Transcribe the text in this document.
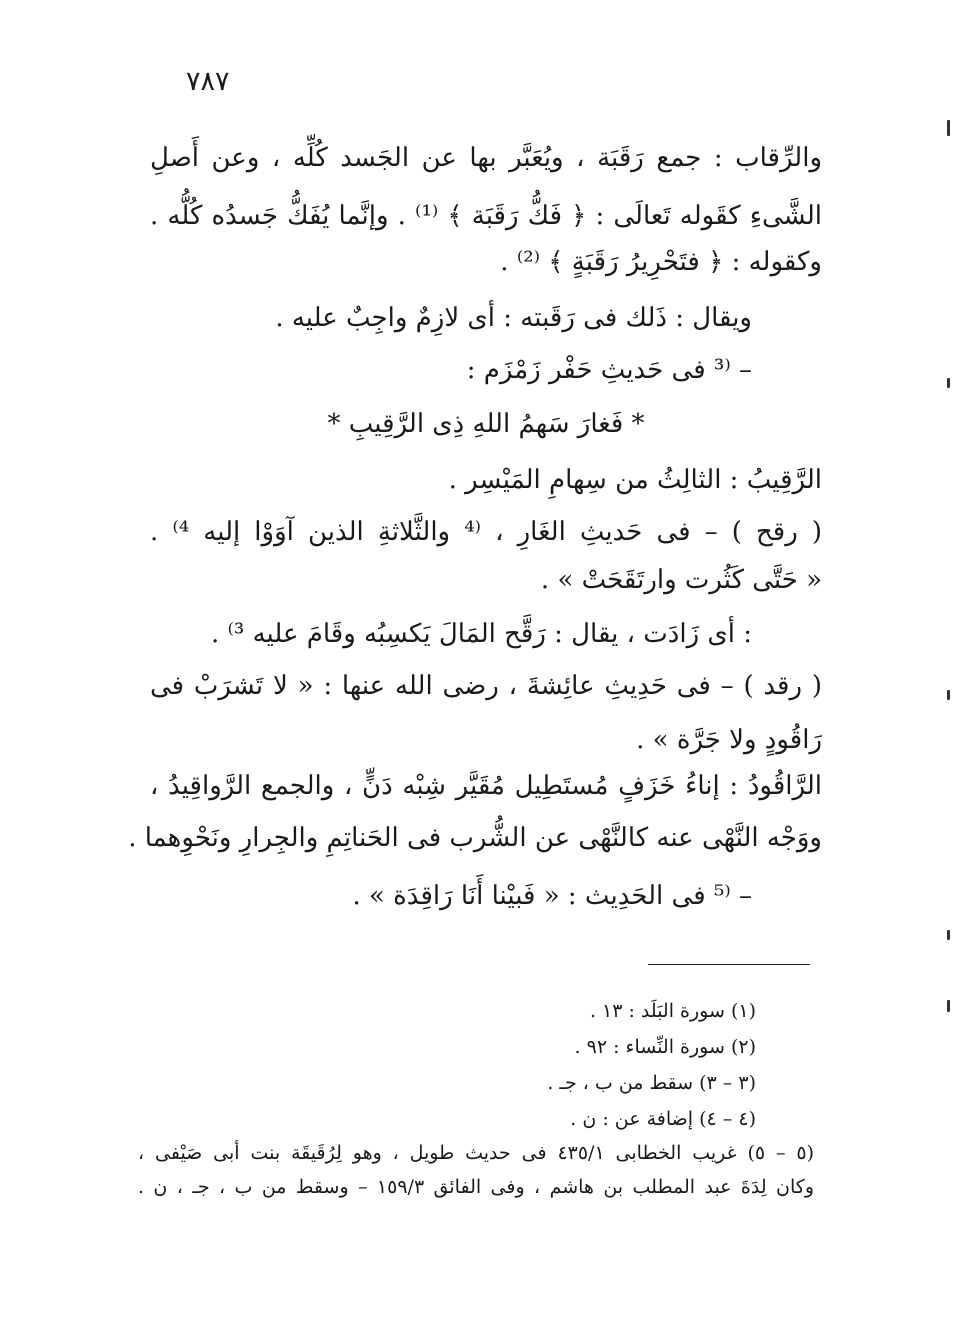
٧٨٧
والرِّقاب : جمع رَقَبَة ، ويُعَبَّر بها عن الجَسد كُلِّه ، وعن أَصلِ
الشَّىءِ كقَوله تَعالَى : ﴿ فَكُّ رَقَبَة ﴾ ⁽¹⁾ . وإنَّما يُفَكُّ جَسدُه كُلُّه .
وكقوله : ﴿ فتَحْرِيرُ رَقَبَةٍ ﴾ ⁽²⁾ .
ويقال : ذَلك فى رَقَبته : أى لازِمٌ واجِبٌ عليه .
– ⁽³ فى حَديثِ حَفْر زَمْزَم :
* فَغارَ سَهمُ اللهِ ذِى الرَّقِيبِ *
الرَّقِيبُ : الثالِثُ من سِهامِ المَيْسِر .
( رقح ) – فى حَديثِ الغَارِ ، ⁽⁴ والثَّلاثةِ الذين آوَوْا إليه ⁴⁾ .
« حَتَّى كَثُرت وارتَقَحَتْ » .
: أى زَادَت ، يقال : رَقَّح المَالَ يَكسِبُه وقَامَ عليه ³⁾ .
( رقد ) – فى حَدِيثِ عائِشةَ ، رضى الله عنها : « لا تَشرَبْ فى
رَاقُودٍ ولا جَرَّة » .
الرَّاقُودُ : إناءُ خَزَفٍ مُستَطِيل مُقَيَّر شِبْه دَنٍّ ، والجمع الرَّواقِيدُ ،
ووَجْه النَّهْى عنه كالنَّهْى عن الشُّرب فى الحَناتِمِ والجِرارِ ونَحْوِهما .
– ⁽⁵ فى الحَدِيث : « فَبيْنا أَنَا رَاقِدَة » .
(١) سورة البَلَد : ١٣ .
(٢) سورة النِّساء : ٩٢ .
(٣ – ٣) سقط من ب ، جـ .
(٤ – ٤) إضافة عن : ن .
(٥ – ٥) غريب الخطابى ٤٣٥/١ فى حديث طويل ، وهو لِرُقَيقَة بنت أبى صَيْفى ،
وكان لِدَةَ عبد المطلب بن هاشم ، وفى الفائق ١٥٩/٣ – وسقط من ب ، جـ ، ن .
